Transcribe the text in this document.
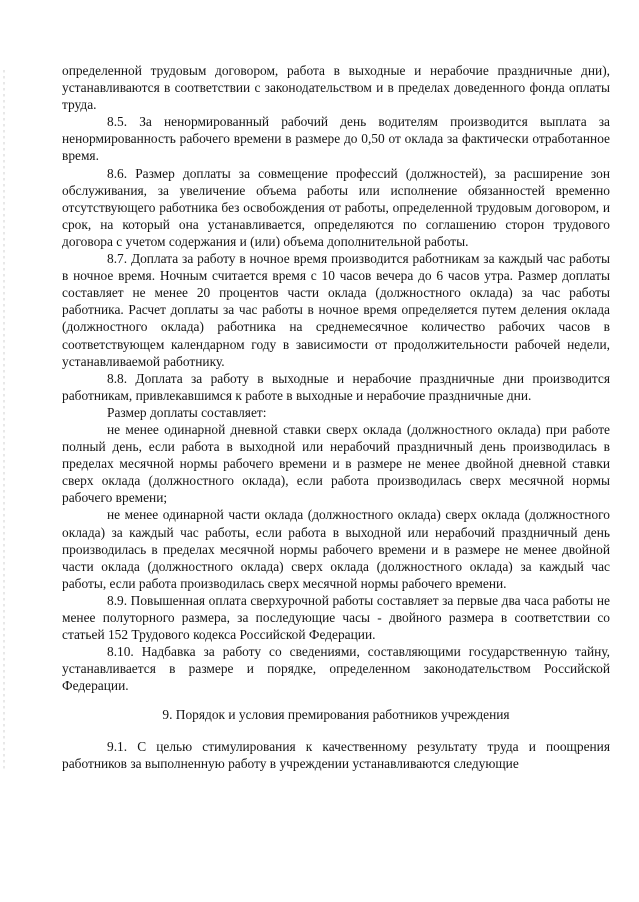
определенной трудовым договором, работа в выходные и нерабочие праздничные дни), устанавливаются в соответствии с законодательством и в пределах доведенного фонда оплаты труда.

8.5. За ненормированный рабочий день водителям производится выплата за ненормированность рабочего времени в размере до 0,50 от оклада за фактически отработанное время.

8.6. Размер доплаты за совмещение профессий (должностей), за расширение зон обслуживания, за увеличение объема работы или исполнение обязанностей временно отсутствующего работника без освобождения от работы, определенной трудовым договором, и срок, на который она устанавливается, определяются по соглашению сторон трудового договора с учетом содержания и (или) объема дополнительной работы.

8.7. Доплата за работу в ночное время производится работникам за каждый час работы в ночное время. Ночным считается время с 10 часов вечера до 6 часов утра. Размер доплаты составляет не менее 20 процентов части оклада (должностного оклада) за час работы работника. Расчет доплаты за час работы в ночное время определяется путем деления оклада (должностного оклада) работника на среднемесячное количество рабочих часов в соответствующем календарном году в зависимости от продолжительности рабочей недели, устанавливаемой работнику.

8.8. Доплата за работу в выходные и нерабочие праздничные дни производится работникам, привлекавшимся к работе в выходные и нерабочие праздничные дни.

Размер доплаты составляет:

не менее одинарной дневной ставки сверх оклада (должностного оклада) при работе полный день, если работа в выходной или нерабочий праздничный день производилась в пределах месячной нормы рабочего времени и в размере не менее двойной дневной ставки сверх оклада (должностного оклада), если работа производилась сверх месячной нормы рабочего времени;

не менее одинарной части оклада (должностного оклада) сверх оклада (должностного оклада) за каждый час работы, если работа в выходной или нерабочий праздничный день производилась в пределах месячной нормы рабочего времени и в размере не менее двойной части оклада (должностного оклада) сверх оклада (должностного оклада) за каждый час работы, если работа производилась сверх месячной нормы рабочего времени.

8.9. Повышенная оплата сверхурочной работы составляет за первые два часа работы не менее полуторного размера, за последующие часы - двойного размера в соответствии со статьей 152 Трудового кодекса Российской Федерации.

8.10. Надбавка за работу со сведениями, составляющими государственную тайну, устанавливается в размере и порядке, определенном законодательством Российской Федерации.

9. Порядок и условия премирования работников учреждения

9.1. С целью стимулирования к качественному результату труда и поощрения работников за выполненную работу в учреждении устанавливаются следующие
